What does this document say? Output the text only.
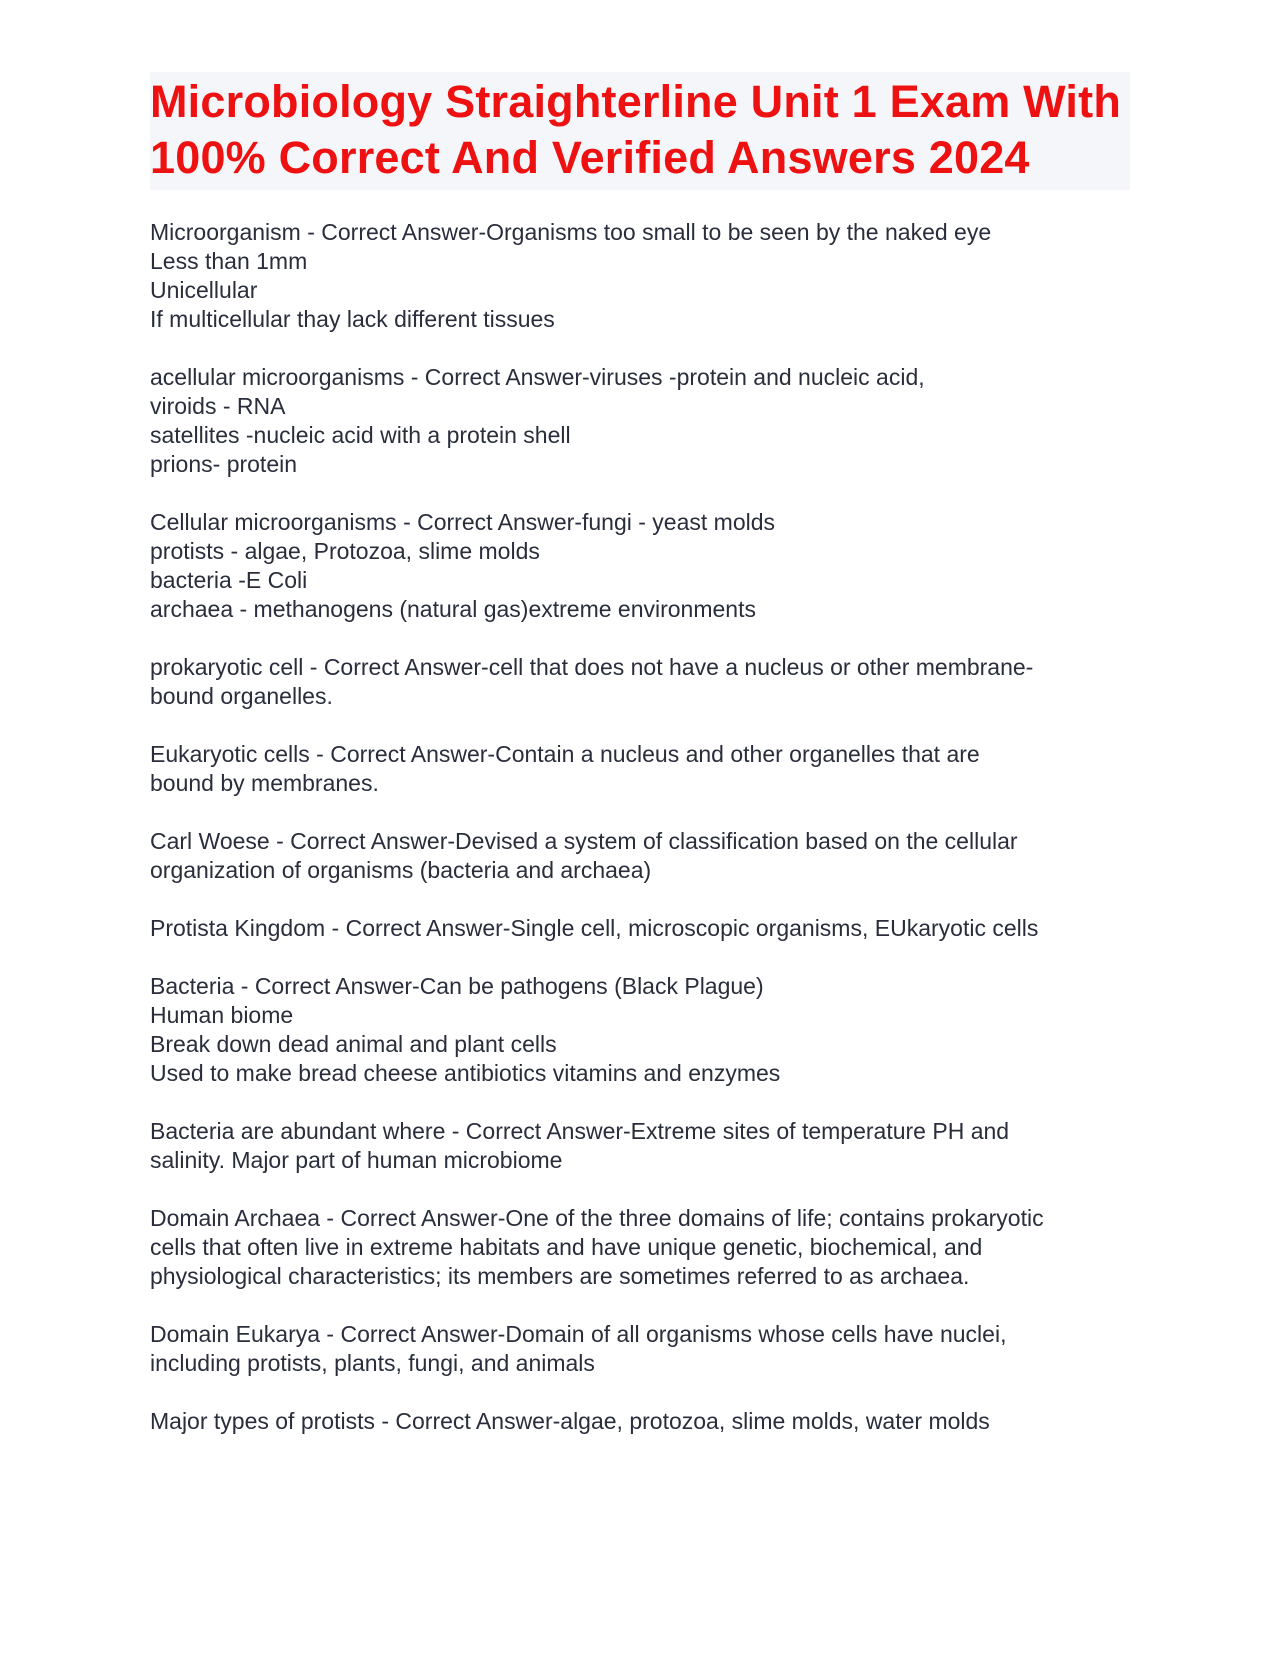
Microbiology Straighterline Unit 1 Exam With 100% Correct And Verified Answers 2024
Microorganism - Correct Answer-Organisms too small to be seen by the naked eye
Less than 1mm
Unicellular
If multicellular thay lack different tissues
acellular microorganisms - Correct Answer-viruses -protein and nucleic acid,
viroids - RNA
satellites -nucleic acid with a protein shell
prions- protein
Cellular microorganisms - Correct Answer-fungi - yeast molds
protists - algae, Protozoa, slime molds
bacteria -E Coli
archaea - methanogens (natural gas)extreme environments
prokaryotic cell - Correct Answer-cell that does not have a nucleus or other membrane-
bound organelles.
Eukaryotic cells - Correct Answer-Contain a nucleus and other organelles that are
bound by membranes.
Carl Woese - Correct Answer-Devised a system of classification based on the cellular
organization of organisms (bacteria and archaea)
Protista Kingdom - Correct Answer-Single cell, microscopic organisms, EUkaryotic cells
Bacteria - Correct Answer-Can be pathogens (Black Plague)
Human biome
Break down dead animal and plant cells
Used to make bread cheese antibiotics vitamins and enzymes
Bacteria are abundant where - Correct Answer-Extreme sites of temperature PH and
salinity. Major part of human microbiome
Domain Archaea - Correct Answer-One of the three domains of life; contains prokaryotic
cells that often live in extreme habitats and have unique genetic, biochemical, and
physiological characteristics; its members are sometimes referred to as archaea.
Domain Eukarya - Correct Answer-Domain of all organisms whose cells have nuclei,
including protists, plants, fungi, and animals
Major types of protists - Correct Answer-algae, protozoa, slime molds, water molds
